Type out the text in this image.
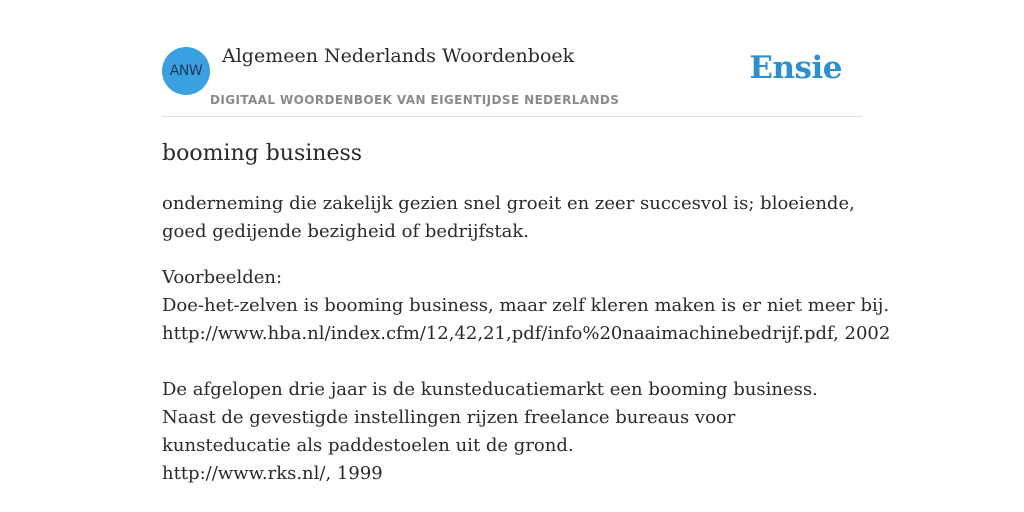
ANW
Algemeen Nederlands Woordenboek
DIGITAAL WOORDENBOEK VAN EIGENTIJDSE NEDERLANDS
Ensie
booming business

onderneming die zakelijk gezien snel groeit en zeer succesvol is; bloeiende, goed gedijende bezigheid of bedrijfstak.

Voorbeelden:
Doe-het-zelven is booming business, maar zelf kleren maken is er niet meer bij.
http://www.hba.nl/index.cfm/12,42,21,pdf/info%20naaimachinebedrijf.pdf, 2002
De afgelopen drie jaar is de kunsteducatiemarkt een booming business. Naast de gevestigde instellingen rijzen freelance bureaus voor kunsteducatie als paddestoelen uit de grond.
http://www.rks.nl/, 1999
